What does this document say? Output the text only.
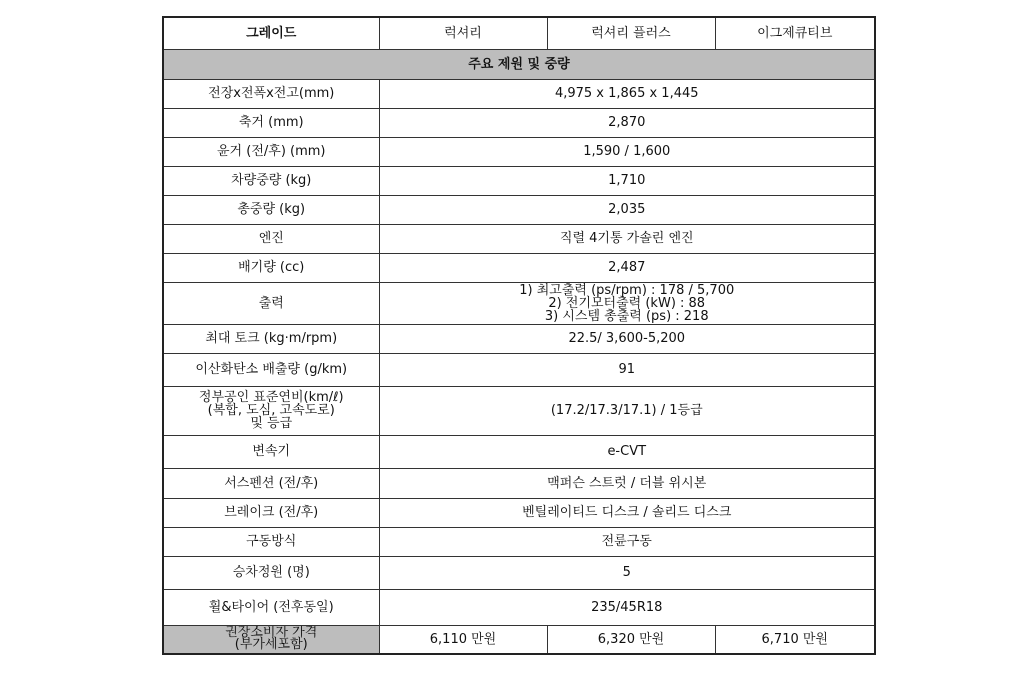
그레이드	럭셔리	럭셔리 플러스	이그제큐티브
주요 제원 및 중량			
전장x전폭x전고(mm)	4,975 x 1,865 x 1,445		
축거 (mm)	2,870		
윤거 (전/후) (mm)	1,590 / 1,600		
차량중량 (kg)	1,710		
총중량 (kg)	2,035		
엔진	직렬 4기통 가솔린 엔진		
배기량 (cc)	2,487		
출력	1) 최고출력 (ps/rpm) : 178 / 5,700
2) 전기모터출력 (kW) : 88
3) 시스템 총출력 (ps) : 218		

최대 토크 (kg·m/rpm)	22.5/ 3,600-5,200		
이산화탄소 배출량 (g/km)	91		

정부공인 표준연비(km/ℓ)
(복합, 도심, 고속도로)
및 등급	(17.2/17.3/17.1) / 1등급		
변속기	e-CVT		
서스펜션 (전/후)	맥퍼슨 스트럿 / 더블 위시본		
브레이크 (전/후)	벤틸레이티드 디스크 / 솔리드 디스크		
구동방식	전륜구동		
승차정원 (명)	5		
휠&타이어 (전후동일)	235/45R18		

권장소비자 가격
(부가세포함)	6,110 만원	6,320 만원	6,710 만원
